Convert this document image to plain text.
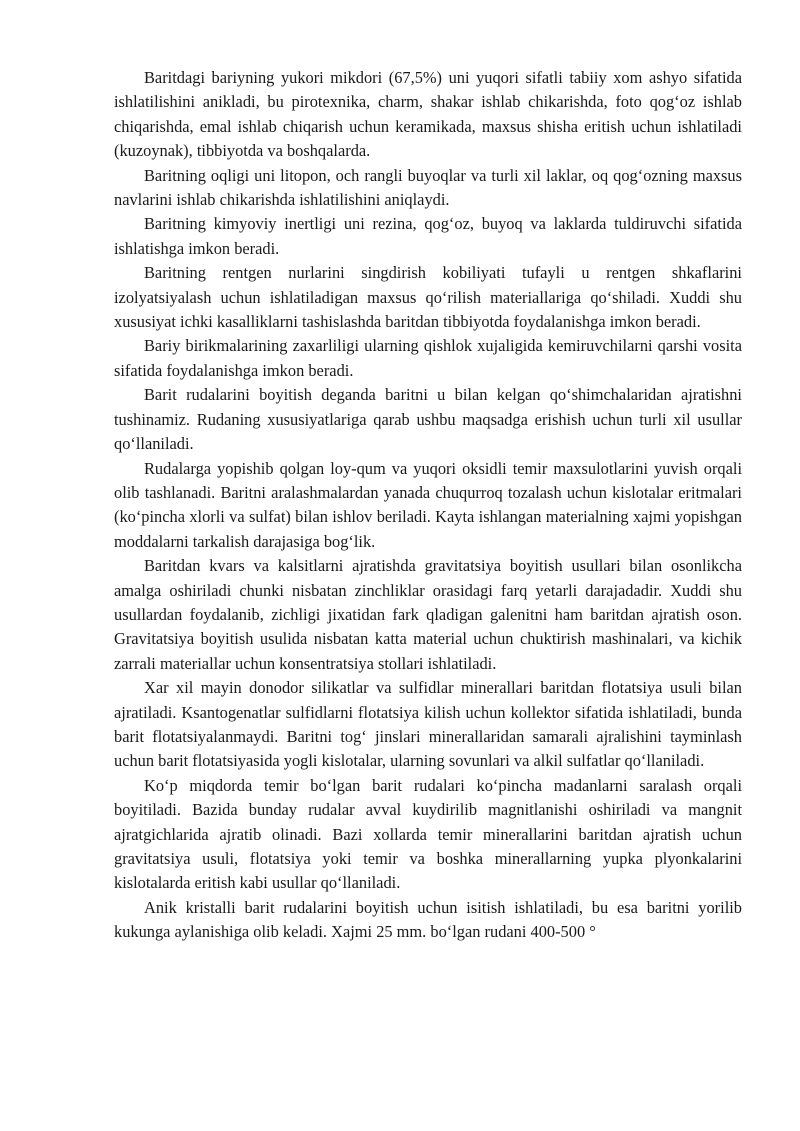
Baritdagi bariyning yukori mikdori (67,5%) uni yuqori sifatli tabiiy xom ashyo sifatida ishlatilishini anikladi, bu pirotexnika, charm, shakar ishlab chikarishda, foto qog‘oz ishlab chiqarishda, emal ishlab chiqarish uchun keramikada, maxsus shisha eritish uchun ishlatiladi (kuzoynak), tibbiyotda va boshqalarda.

Baritning oqligi uni litopon, och rangli buyoqlar va turli xil laklar, oq qog‘ozning maxsus navlarini ishlab chikarishda ishlatilishini aniqlaydi.

Baritning kimyoviy inertligi uni rezina, qog‘oz, buyoq va laklarda tuldiruvchi sifatida ishlatishga imkon beradi.

Baritning rentgen nurlarini singdirish kobiliyati tufayli u rentgen shkaflarini izolyatsiyalash uchun ishlatiladigan maxsus qo‘rilish materiallariga qo‘shiladi. Xuddi shu xususiyat ichki kasalliklarni tashislashda baritdan tibbiyotda foydalanishga imkon beradi.

Bariy birikmalarining zaxarliligi ularning qishlok xujaligida kemiruvchilarni qarshi vosita sifatida foydalanishga imkon beradi.

Barit rudalarini boyitish deganda baritni u bilan kelgan qo‘shimchalaridan ajratishni tushinamiz. Rudaning xususiyatlariga qarab ushbu maqsadga erishish uchun turli xil usullar qo‘llaniladi.

Rudalarga yopishib qolgan loy-qum va yuqori oksidli temir maxsulotlarini yuvish orqali olib tashlanadi. Baritni aralashmalardan yanada chuqurroq tozalash uchun kislotalar eritmalari (ko‘pincha xlorli va sulfat) bilan ishlov beriladi. Kayta ishlangan materialning xajmi yopishgan moddalarni tarkalish darajasiga bog‘lik.

Baritdan kvars va kalsitlarni ajratishda gravitatsiya boyitish usullari bilan osonlikcha amalga oshiriladi chunki nisbatan zinchliklar orasidagi farq yetarli darajadadir. Xuddi shu usullardan foydalanib, zichligi jixatidan fark qladigan galenitni ham baritdan ajratish oson. Gravitatsiya boyitish usulida nisbatan katta material uchun chuktirish mashinalari, va kichik zarrali materiallar uchun konsentratsiya stollari ishlatiladi.

Xar xil mayin donodor silikatlar va sulfidlar minerallari baritdan flotatsiya usuli bilan ajratiladi. Ksantogenatlar sulfidlarni flotatsiya kilish uchun kollektor sifatida ishlatiladi, bunda barit flotatsiyalanmaydi. Baritni tog‘ jinslari minerallaridan samarali ajralishini tayminlash uchun barit flotatsiyasida yogli kislotalar, ularning sovunlari va alkil sulfatlar qo‘llaniladi.

Ko‘p miqdorda temir bo‘lgan barit rudalari ko‘pincha madanlarni saralash orqali boyitiladi. Bazida bunday rudalar avval kuydirilib magnitlanishi oshiriladi va mangnit ajratgichlarida ajratib olinadi. Bazi xollarda temir minerallarini baritdan ajratish uchun gravitatsiya usuli, flotatsiya yoki temir va boshka minerallarning yupka plyonkalarini kislotalarda eritish kabi usullar qo‘llaniladi.

Anik kristalli barit rudalarini boyitish uchun isitish ishlatiladi, bu esa baritni yorilib kukunga aylanishiga olib keladi. Xajmi 25 mm. bo‘lgan rudani 400-500 °
